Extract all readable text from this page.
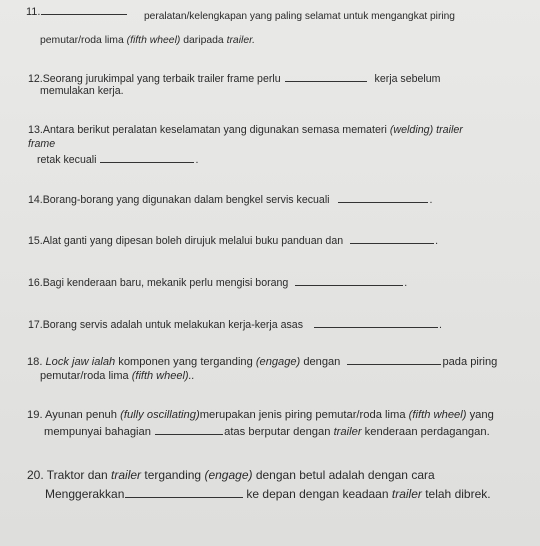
11.	peralatan/kelengkapan yang paling selamat untuk mengangkat piring
pemutar/roda lima (fifth wheel) daripada trailer.
12.Seorang jurukimpal yang terbaik trailer frame perlu	kerja sebelum
memulakan kerja.
13.Antara berikut peralatan keselamatan yang digunakan semasa memateri (welding) trailer
frame
retak kecuali	.
14.Borang-borang yang digunakan dalam bengkel servis kecuali	.
15.Alat ganti yang dipesan boleh dirujuk melalui buku panduan dan	.
16.Bagi kenderaan baru, mekanik perlu mengisi borang	.
17.Borang servis adalah untuk melakukan kerja-kerja asas	.
18. Lock jaw ialah komponen yang terganding (engage) dengan	pada piring
pemutar/roda lima (fifth wheel)..
19. Ayunan penuh (fully oscillating)merupakan jenis piring pemutar/roda lima (fifth wheel) yang
mempunyai bahagian	atas berputar dengan trailer kenderaan perdagangan.
20. Traktor dan trailer terganding (engage) dengan betul adalah dengan cara
Menggerakkan	ke depan dengan keadaan trailer telah dibrek.
